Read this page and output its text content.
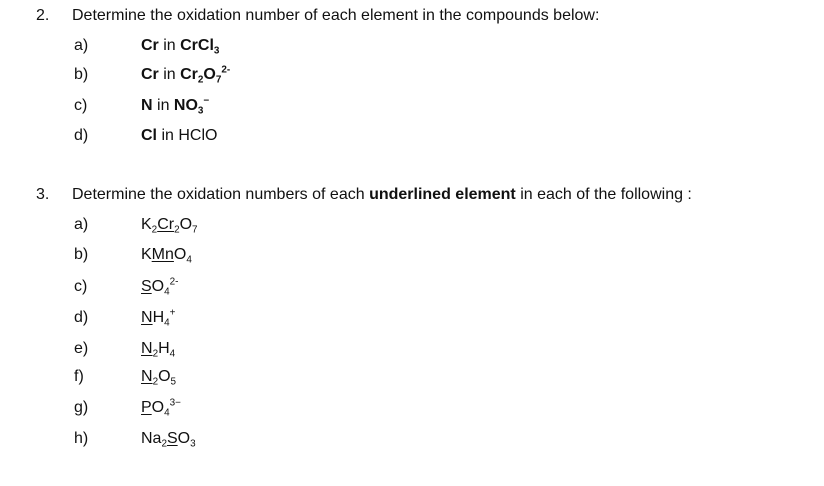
2. Determine the oxidation number of each element in the compounds below:
a)	Cr in CrCl$_3$
b)	Cr in $Cr_2O_7^{2-}$
c)	N in $NO_3^-$
d)	Cl in HClO
3. Determine the oxidation numbers of each underlined element in each of the following :
a)	$K_2Cr_2O_7$
b)	KMnO$_4$
c)	$SO_4^{2-}$
d)	$NH_4^+$
e)	$N_2H_4$
f)	$N_2O_5$
g)	$PO_4^{3-}$
h)	$Na_2SO_3$
